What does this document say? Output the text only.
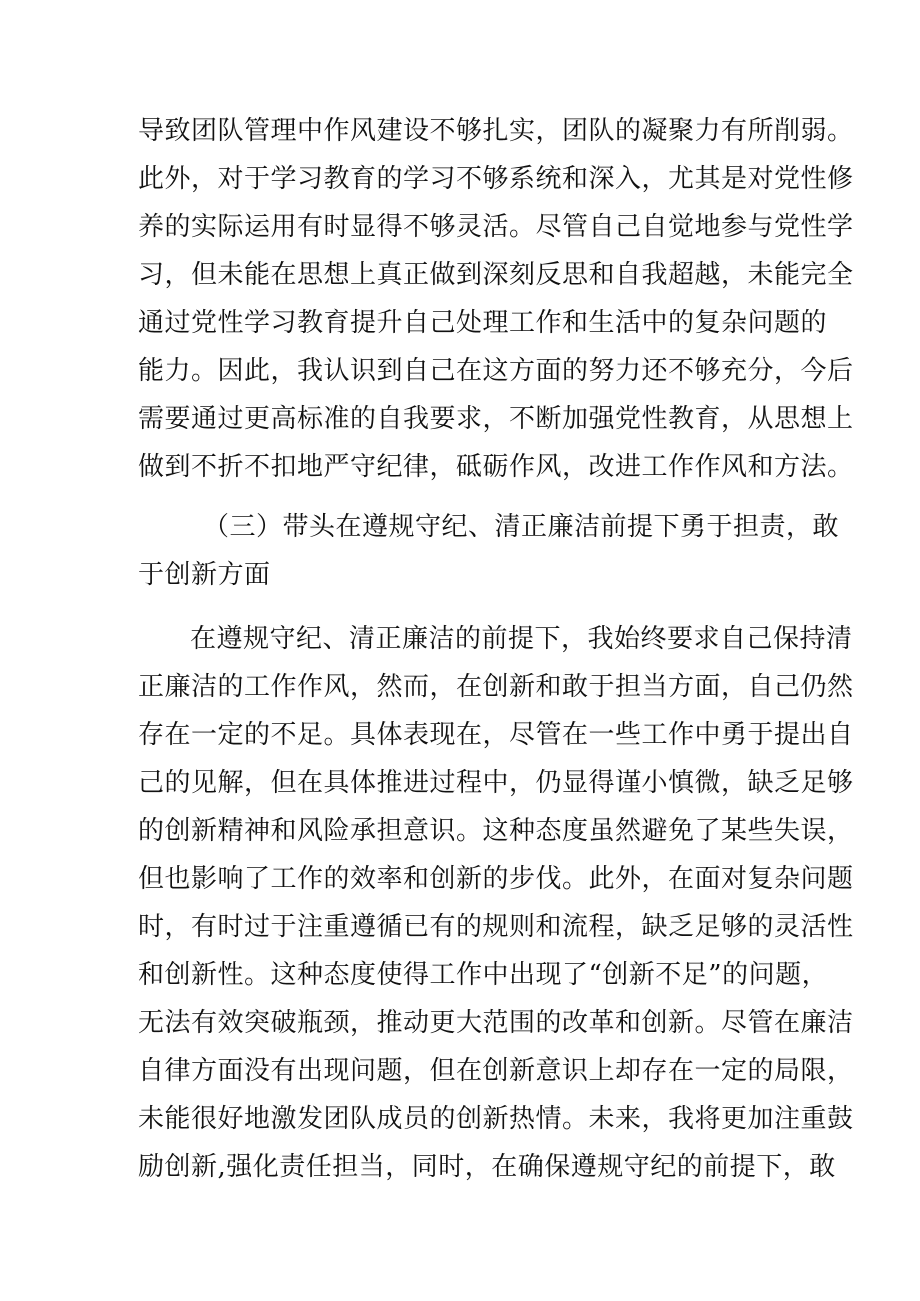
导致团队管理中作风建设不够扎实，团队的凝聚力有所削弱。
此外，对于学习教育的学习不够系统和深入，尤其是对党性修
养的实际运用有时显得不够灵活。尽管自己自觉地参与党性学
习，但未能在思想上真正做到深刻反思和自我超越，未能完全
通过党性学习教育提升自己处理工作和生活中的复杂问题的
能力。因此，我认识到自己在这方面的努力还不够充分，今后
需要通过更高标准的自我要求，不断加强党性教育，从思想上
做到不折不扣地严守纪律，砥砺作风，改进工作作风和方法。
（三）带头在遵规守纪、清正廉洁前提下勇于担责，敢
于创新方面
在遵规守纪、清正廉洁的前提下，我始终要求自己保持清
正廉洁的工作作风，然而，在创新和敢于担当方面，自己仍然
存在一定的不足。具体表现在，尽管在一些工作中勇于提出自
己的见解，但在具体推进过程中，仍显得谨小慎微，缺乏足够
的创新精神和风险承担意识。这种态度虽然避免了某些失误，
但也影响了工作的效率和创新的步伐。此外，在面对复杂问题
时，有时过于注重遵循已有的规则和流程，缺乏足够的灵活性
和创新性。这种态度使得工作中出现了“创新不足”的问题，
无法有效突破瓶颈，推动更大范围的改革和创新。尽管在廉洁
自律方面没有出现问题，但在创新意识上却存在一定的局限，
未能很好地激发团队成员的创新热情。未来，我将更加注重鼓
励创新,强化责任担当，同时，在确保遵规守纪的前提下，敢
